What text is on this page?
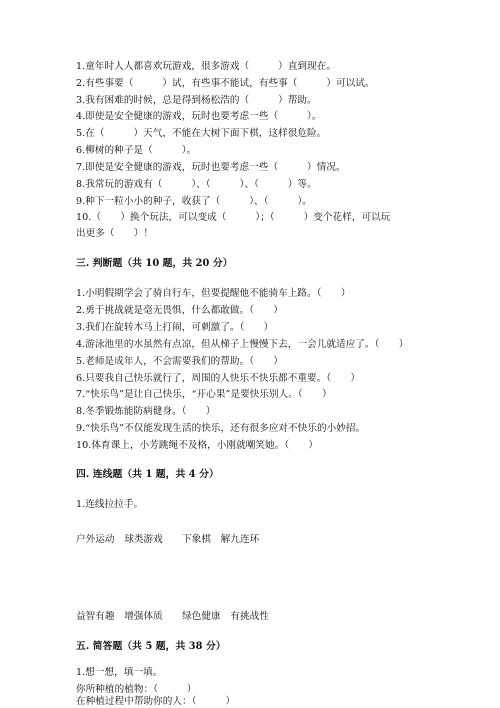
1.童年时人人都喜欢玩游戏，很多游戏（　　　）直到现在。
2.有些事要（　　　）试，有些事不能试，有些事（　　　）可以试。
3.我有困难的时候，总是得到杨松浩的（　　　）帮助。
4.即使是安全健康的游戏，玩时也要考虑一些（　　　）。
5.在（　　　）天气，不能在大树下面下棋，这样很危险。
6.柳树的种子是（　　　）。
7.即使是安全健康的游戏，玩时也要考虑一些（　　　）情况。
8.我常玩的游戏有（　　　）、（　　　）、（　　　）等。
9.种下一粒小小的种子，收获了（　　　）、（　　　）。
10.（　　）换个玩法，可以变成（　　　）；（　　　）变个花样，可以玩
出更多（　　）！
三. 判断题（共 10 题，共 20 分）
1.小明假期学会了骑自行车，但要提醒他不能骑车上路。（　　）
2.勇于挑战就是毫无畏惧，什么都敢做。（　　）
3.我们在旋转木马上打闹，可刺激了。（　　）
4.游泳池里的水虽然有点凉，但从梯子上慢慢下去，一会儿就适应了。（　　）
5.老师是成年人，不会需要我们的帮助。（　　）
6.只要我自己快乐就行了，周围的人快乐不快乐都不重要。（　　）
7.“快乐鸟”是让自己快乐，“开心果”是要快乐别人。（　　）
8.冬季锻炼能防病健身。（　　）
9.“快乐鸟”不仅能发现生活的快乐，还有很多应对不快乐的小妙招。
10.体育课上，小芳跳绳不及格，小刚就嘲笑她。（　　）
四. 连线题（共 1 题，共 4 分）
1.连线拉拉手。
户外运动　球类游戏　　下象棋　解九连环
益智有趣　增强体质　　绿色健康　有挑战性
五. 简答题（共 5 题，共 38 分）
1.想一想，填一填。
你所种植的植物：（　　　）
在种植过程中帮助你的人：（　　　）
